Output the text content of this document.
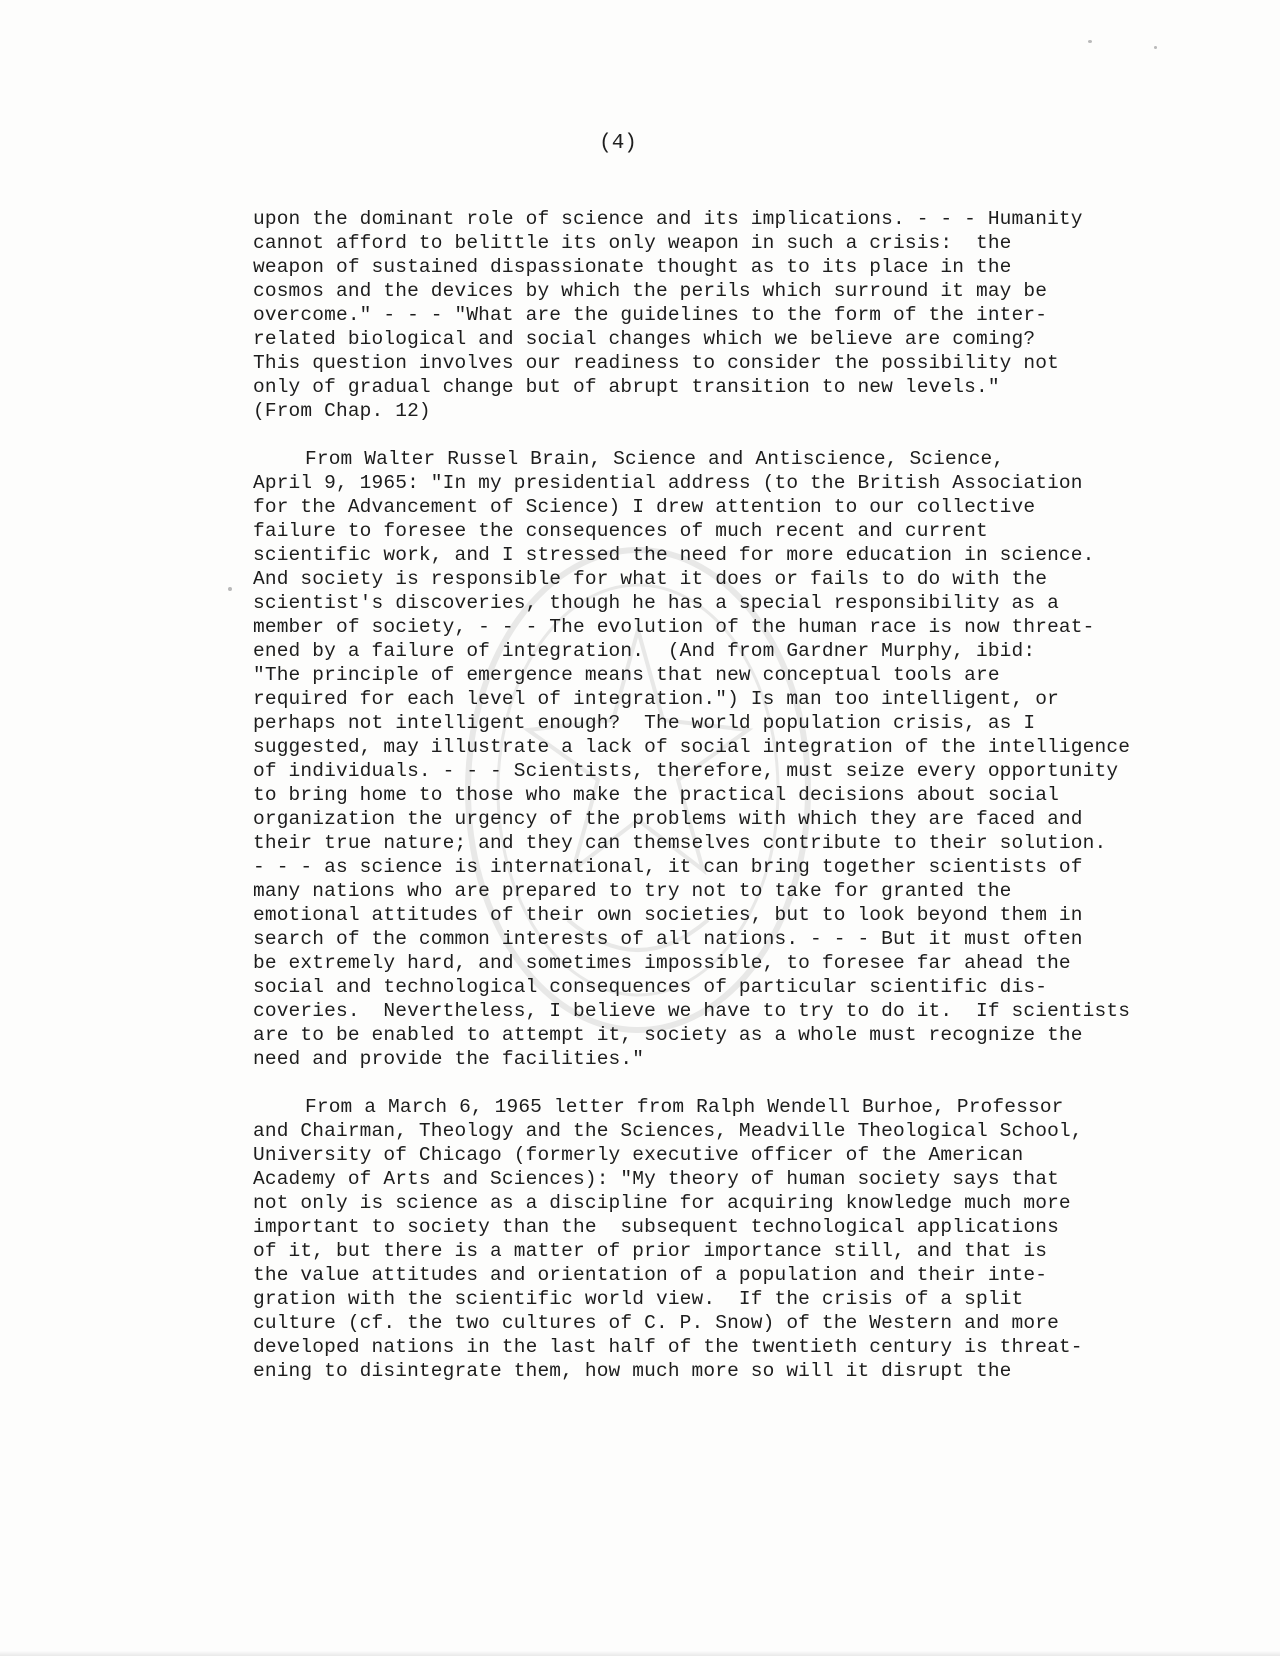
(4)
upon the dominant role of science and its implications. - - - Humanity
cannot afford to belittle its only weapon in such a crisis:  the
weapon of sustained dispassionate thought as to its place in the
cosmos and the devices by which the perils which surround it may be
overcome." - - - "What are the guidelines to the form of the inter-
related biological and social changes which we believe are coming?
This question involves our readiness to consider the possibility not
only of gradual change but of abrupt transition to new levels."
(From Chap. 12)
From Walter Russel Brain, Science and Antiscience, Science,
April 9, 1965: "In my presidential address (to the British Association
for the Advancement of Science) I drew attention to our collective
failure to foresee the consequences of much recent and current
scientific work, and I stressed the need for more education in science.
And society is responsible for what it does or fails to do with the
scientist's discoveries, though he has a special responsibility as a
member of society, - - - The evolution of the human race is now threat-
ened by a failure of integration.  (And from Gardner Murphy, ibid:
"The principle of emergence means that new conceptual tools are
required for each level of integration.") Is man too intelligent, or
perhaps not intelligent enough?  The world population crisis, as I
suggested, may illustrate a lack of social integration of the intelligence
of individuals. - - - Scientists, therefore, must seize every opportunity
to bring home to those who make the practical decisions about social
organization the urgency of the problems with which they are faced and
their true nature; and they can themselves contribute to their solution.
- - - as science is international, it can bring together scientists of
many nations who are prepared to try not to take for granted the
emotional attitudes of their own societies, but to look beyond them in
search of the common interests of all nations. - - - But it must often
be extremely hard, and sometimes impossible, to foresee far ahead the
social and technological consequences of particular scientific dis-
coveries.  Nevertheless, I believe we have to try to do it.  If scientists
are to be enabled to attempt it, society as a whole must recognize the
need and provide the facilities."
From a March 6, 1965 letter from Ralph Wendell Burhoe, Professor
and Chairman, Theology and the Sciences, Meadville Theological School,
University of Chicago (formerly executive officer of the American
Academy of Arts and Sciences): "My theory of human society says that
not only is science as a discipline for acquiring knowledge much more
important to society than the  subsequent technological applications
of it, but there is a matter of prior importance still, and that is
the value attitudes and orientation of a population and their inte-
gration with the scientific world view.  If the crisis of a split
culture (cf. the two cultures of C. P. Snow) of the Western and more
developed nations in the last half of the twentieth century is threat-
ening to disintegrate them, how much more so will it disrupt the
